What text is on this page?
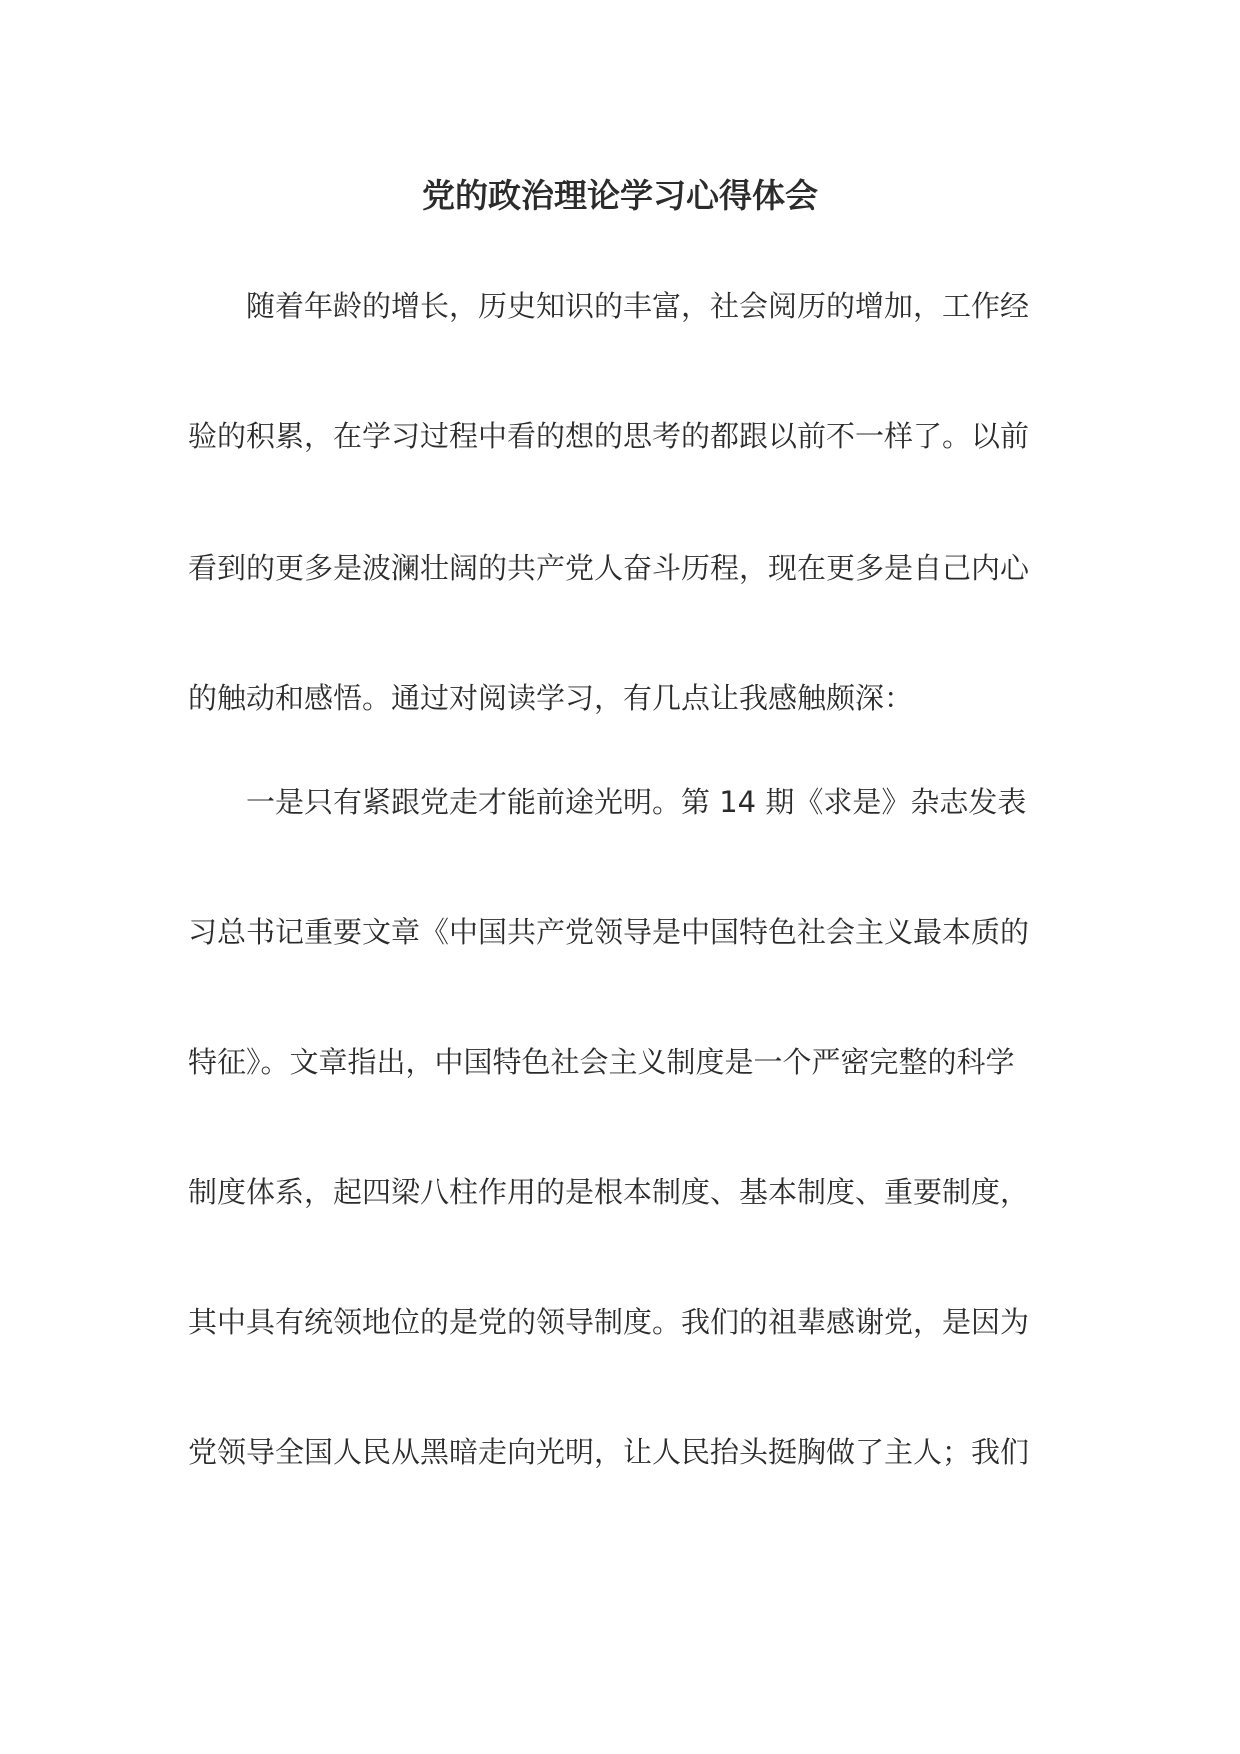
党的政治理论学习心得体会
随着年龄的增长，历史知识的丰富，社会阅历的增加，工作经
验的积累，在学习过程中看的想的思考的都跟以前不一样了。以前
看到的更多是波澜壮阔的共产党人奋斗历程，现在更多是自己内心
的触动和感悟。通过对阅读学习，有几点让我感触颇深：
一是只有紧跟党走才能前途光明。第 14 期《求是》杂志发表
习总书记重要文章《中国共产党领导是中国特色社会主义最本质的
特征》。文章指出，中国特色社会主义制度是一个严密完整的科学
制度体系，起四梁八柱作用的是根本制度、基本制度、重要制度，
其中具有统领地位的是党的领导制度。我们的祖辈感谢党，是因为
党领导全国人民从黑暗走向光明，让人民抬头挺胸做了主人；我们
